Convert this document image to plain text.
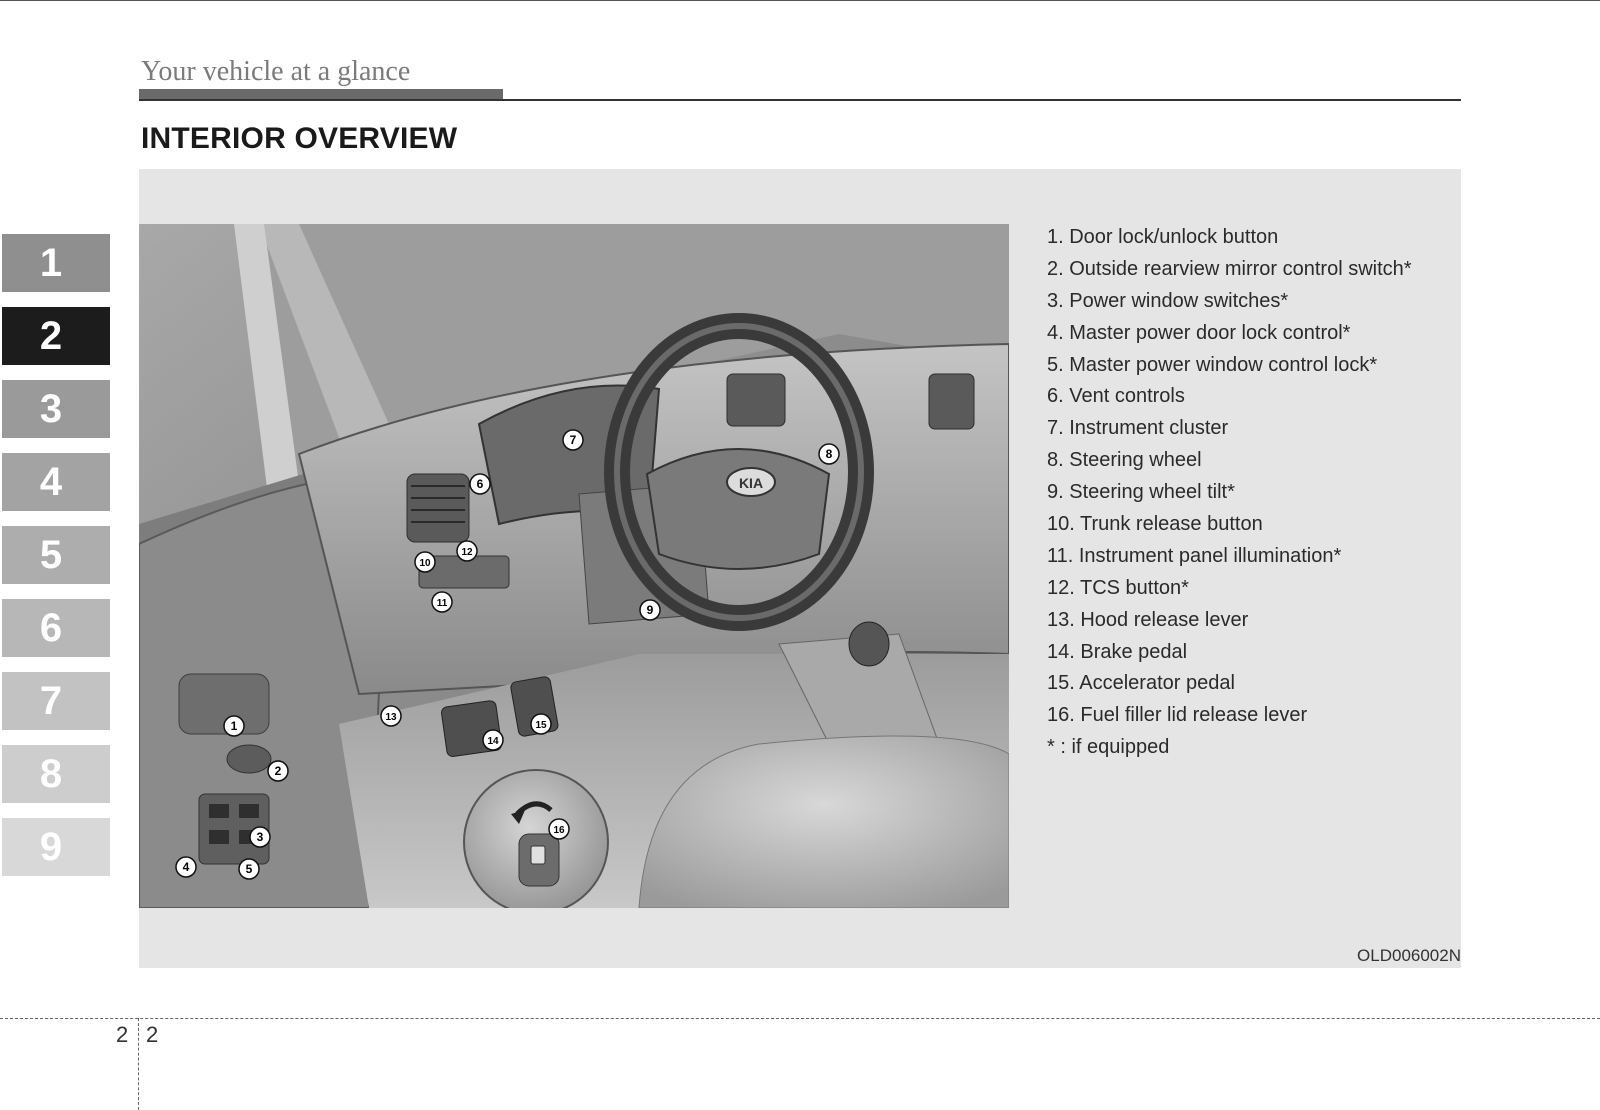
Your vehicle at a glance
INTERIOR OVERVIEW
1
2
3
4
5
6
7
8
9
KIA
1
2
3
4	5
6
7
8
9
10
11
12
13
14
15
16
1. Door lock/unlock button
2. Outside rearview mirror control switch*
3. Power window switches*
4. Master power door lock control*
5. Master power window control lock*
6. Vent controls
7. Instrument cluster
8. Steering wheel
9. Steering wheel tilt*
10. Trunk release button
11. Instrument panel illumination*
12. TCS button*
13. Hood release lever
14. Brake pedal
15. Accelerator pedal
16. Fuel filler lid release lever
* : if equipped
OLD006002N
2 2
